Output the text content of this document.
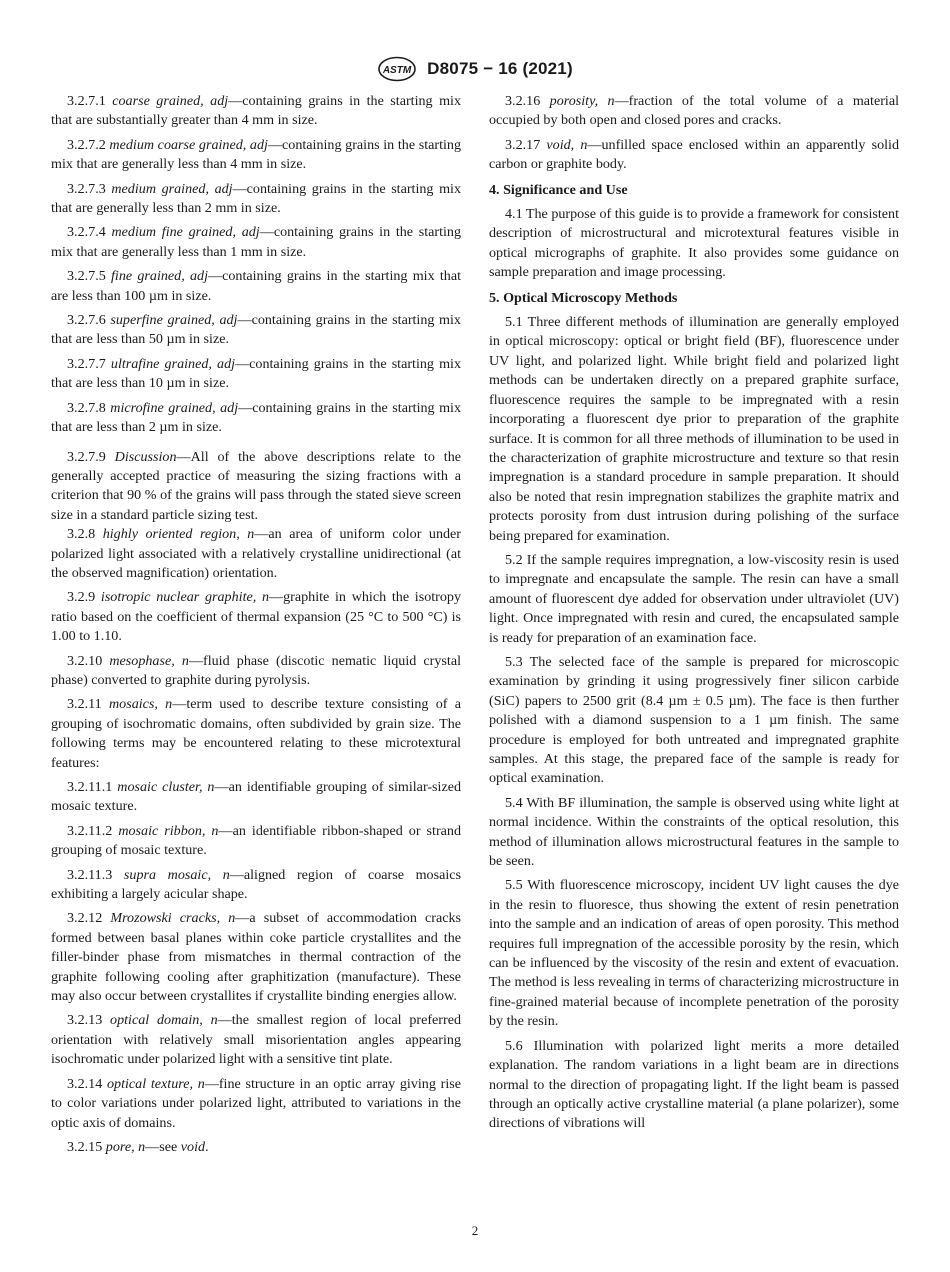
ASTM D8075 − 16 (2021)

3.2.7.1 coarse grained, adj—containing grains in the starting mix that are substantially greater than 4 mm in size.

3.2.7.2 medium coarse grained, adj—containing grains in the starting mix that are generally less than 4 mm in size.

3.2.7.3 medium grained, adj—containing grains in the starting mix that are generally less than 2 mm in size.

3.2.7.4 medium fine grained, adj—containing grains in the starting mix that are generally less than 1 mm in size.

3.2.7.5 fine grained, adj—containing grains in the starting mix that are less than 100 µm in size.

3.2.7.6 superfine grained, adj—containing grains in the starting mix that are less than 50 µm in size.

3.2.7.7 ultrafine grained, adj—containing grains in the starting mix that are less than 10 µm in size.

3.2.7.8 microfine grained, adj—containing grains in the starting mix that are less than 2 µm in size.

3.2.7.9 Discussion—All of the above descriptions relate to the generally accepted practice of measuring the sizing fractions with a criterion that 90 % of the grains will pass through the stated sieve screen size in a standard particle sizing test.

3.2.8 highly oriented region, n—an area of uniform color under polarized light associated with a relatively crystalline unidirectional (at the observed magnification) orientation.

3.2.9 isotropic nuclear graphite, n—graphite in which the isotropy ratio based on the coefficient of thermal expansion (25 °C to 500 °C) is 1.00 to 1.10.

3.2.10 mesophase, n—fluid phase (discotic nematic liquid crystal phase) converted to graphite during pyrolysis.

3.2.11 mosaics, n—term used to describe texture consisting of a grouping of isochromatic domains, often subdivided by grain size. The following terms may be encountered relating to these microtextural features:

3.2.11.1 mosaic cluster, n—an identifiable grouping of similar-sized mosaic texture.

3.2.11.2 mosaic ribbon, n—an identifiable ribbon-shaped or strand grouping of mosaic texture.

3.2.11.3 supra mosaic, n—aligned region of coarse mosaics exhibiting a largely acicular shape.

3.2.12 Mrozowski cracks, n—a subset of accommodation cracks formed between basal planes within coke particle crystallites and the filler-binder phase from mismatches in thermal contraction of the graphite following cooling after graphitization (manufacture). These may also occur between crystallites if crystallite binding energies allow.

3.2.13 optical domain, n—the smallest region of local preferred orientation with relatively small misorientation angles appearing isochromatic under polarized light with a sensitive tint plate.

3.2.14 optical texture, n—fine structure in an optic array giving rise to color variations under polarized light, attributed to variations in the optic axis of domains.

3.2.15 pore, n—see void.

3.2.16 porosity, n—fraction of the total volume of a material occupied by both open and closed pores and cracks.

3.2.17 void, n—unfilled space enclosed within an apparently solid carbon or graphite body.

4. Significance and Use

4.1 The purpose of this guide is to provide a framework for consistent description of microstructural and microtextural features visible in optical micrographs of graphite. It also provides some guidance on sample preparation and image processing.

5. Optical Microscopy Methods

5.1 Three different methods of illumination are generally employed in optical microscopy: optical or bright field (BF), fluorescence under UV light, and polarized light. While bright field and polarized light methods can be undertaken directly on a prepared graphite surface, fluorescence requires the sample to be impregnated with a resin incorporating a fluorescent dye prior to preparation of the graphite surface. It is common for all three methods of illumination to be used in the characterization of graphite microstructure and texture so that resin impregnation is a standard procedure in sample preparation. It should also be noted that resin impregnation stabilizes the graphite matrix and protects porosity from dust intrusion during polishing of the surface being prepared for examination.

5.2 If the sample requires impregnation, a low-viscosity resin is used to impregnate and encapsulate the sample. The resin can have a small amount of fluorescent dye added for observation under ultraviolet (UV) light. Once impregnated with resin and cured, the encapsulated sample is ready for preparation of an examination face.

5.3 The selected face of the sample is prepared for microscopic examination by grinding it using progressively finer silicon carbide (SiC) papers to 2500 grit (8.4 µm ± 0.5 µm). The face is then further polished with a diamond suspension to a 1 µm finish. The same procedure is employed for both untreated and impregnated graphite samples. At this stage, the prepared face of the sample is ready for optical examination.

5.4 With BF illumination, the sample is observed using white light at normal incidence. Within the constraints of the optical resolution, this method of illumination allows microstructural features in the sample to be seen.

5.5 With fluorescence microscopy, incident UV light causes the dye in the resin to fluoresce, thus showing the extent of resin penetration into the sample and an indication of areas of open porosity. This method requires full impregnation of the accessible porosity by the resin, which can be influenced by the viscosity of the resin and extent of evacuation. The method is less revealing in terms of characterizing microstructure in fine-grained material because of incomplete penetration of the porosity by the resin.

5.6 Illumination with polarized light merits a more detailed explanation. The random variations in a light beam are in directions normal to the direction of propagating light. If the light beam is passed through an optically active crystalline material (a plane polarizer), some directions of vibrations will

2
